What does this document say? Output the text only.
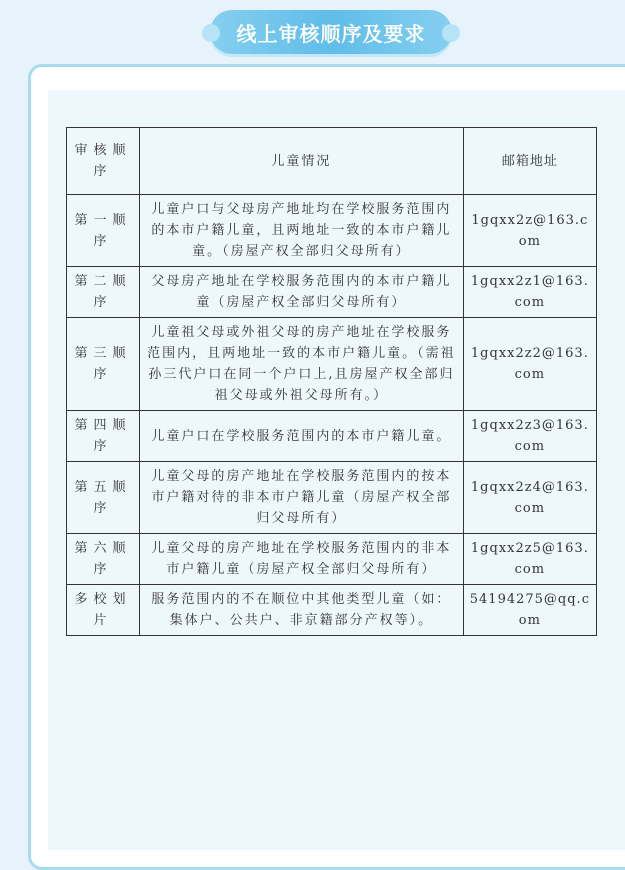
线上审核顺序及要求
审核顺序	儿童情况	邮箱地址
第一顺序	儿童户口与父母房产地址均在学校服务范围内的本市户籍儿童，且两地址一致的本市户籍儿童。（房屋产权全部归父母所有）	1gqxx2z@163.com
第二顺序	父母房产地址在学校服务范围内的本市户籍儿童（房屋产权全部归父母所有）	1gqxx2z1@163.com
第三顺序	儿童祖父母或外祖父母的房产地址在学校服务范围内，且两地址一致的本市户籍儿童。（需祖孙三代户口在同一个户口上,且房屋产权全部归祖父母或外祖父母所有。）	1gqxx2z2@163.com
第四顺序	儿童户口在学校服务范围内的本市户籍儿童。	1gqxx2z3@163.com
第五顺序	儿童父母的房产地址在学校服务范围内的按本市户籍对待的非本市户籍儿童（房屋产权全部归父母所有）	1gqxx2z4@163.com
第六顺序	儿童父母的房产地址在学校服务范围内的非本市户籍儿童（房屋产权全部归父母所有）	1gqxx2z5@163.com
多校划片	服务范围内的不在顺位中其他类型儿童（如：集体户、公共户、非京籍部分产权等）。	54194275@qq.com
